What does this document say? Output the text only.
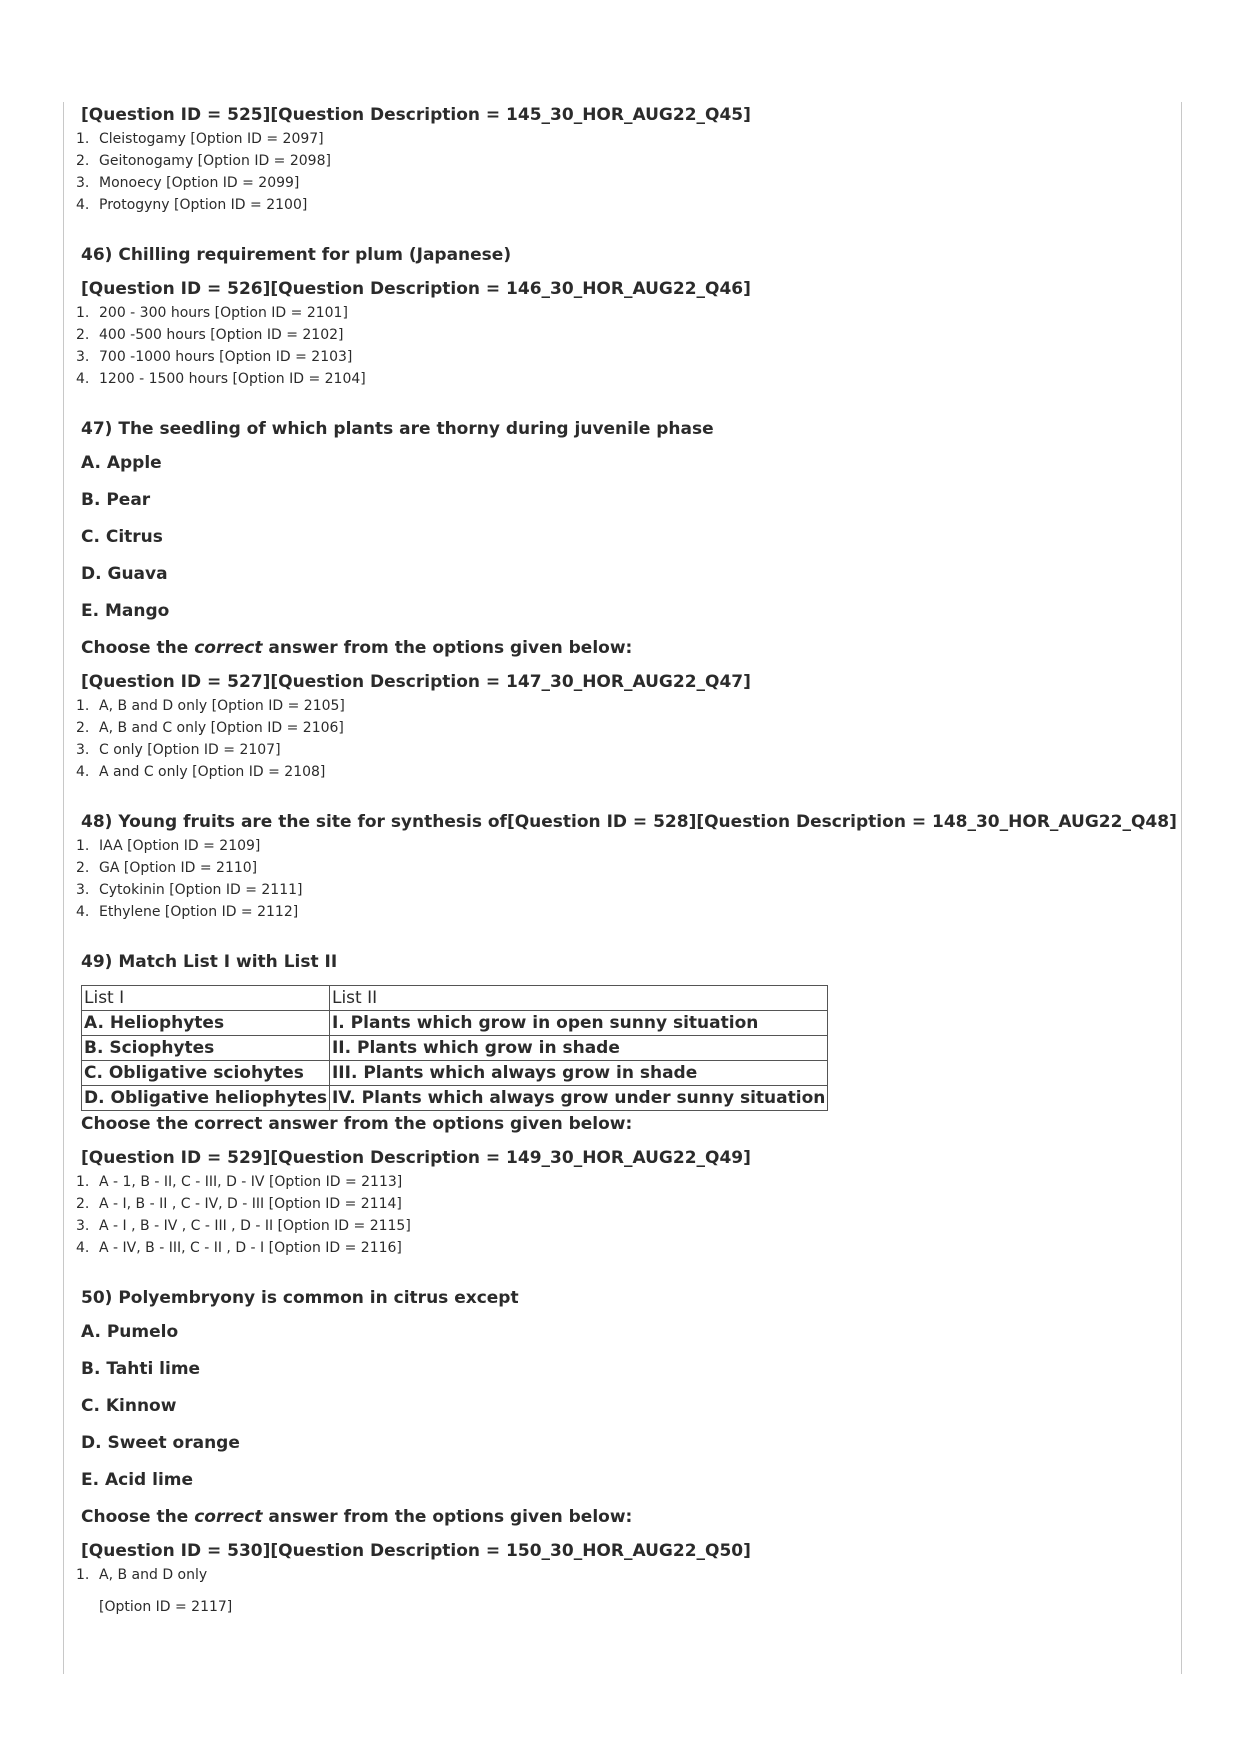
[Question ID = 525][Question Description = 145_30_HOR_AUG22_Q45]
1. Cleistogamy [Option ID = 2097]
2. Geitonogamy [Option ID = 2098]
3. Monoecy [Option ID = 2099]
4. Protogyny [Option ID = 2100]
46) Chilling requirement for plum (Japanese)
[Question ID = 526][Question Description = 146_30_HOR_AUG22_Q46]
1. 200 - 300 hours [Option ID = 2101]
2. 400 -500 hours [Option ID = 2102]
3. 700 -1000 hours [Option ID = 2103]
4. 1200 - 1500 hours [Option ID = 2104]
47) The seedling of which plants are thorny during juvenile phase
A. Apple
B. Pear
C. Citrus
D. Guava
E. Mango
Choose the correct answer from the options given below:
[Question ID = 527][Question Description = 147_30_HOR_AUG22_Q47]
1. A, B and D only [Option ID = 2105]
2. A, B and C only [Option ID = 2106]
3. C only [Option ID = 2107]
4. A and C only [Option ID = 2108]
48) Young fruits are the site for synthesis of[Question ID = 528][Question Description = 148_30_HOR_AUG22_Q48]
1. IAA [Option ID = 2109]
2. GA [Option ID = 2110]
3. Cytokinin [Option ID = 2111]
4. Ethylene [Option ID = 2112]
49) Match List I with List II
List I	List II
A. Heliophytes	I. Plants which grow in open sunny situation
B. Sciophytes	II. Plants which grow in shade
C. Obligative sciohytes	III. Plants which always grow in shade
D. Obligative heliophytes	IV. Plants which always grow under sunny situation
Choose the correct answer from the options given below:
[Question ID = 529][Question Description = 149_30_HOR_AUG22_Q49]
1. A - 1, B - II, C - III, D - IV [Option ID = 2113]
2. A - I, B - II , C - IV, D - III [Option ID = 2114]
3. A - I , B - IV , C - III , D - II [Option ID = 2115]
4. A - IV, B - III, C - II , D - I [Option ID = 2116]
50) Polyembryony is common in citrus except
A. Pumelo
B. Tahti lime
C. Kinnow
D. Sweet orange
E. Acid lime
Choose the correct answer from the options given below:
[Question ID = 530][Question Description = 150_30_HOR_AUG22_Q50]
1. A, B and D only
[Option ID = 2117]
